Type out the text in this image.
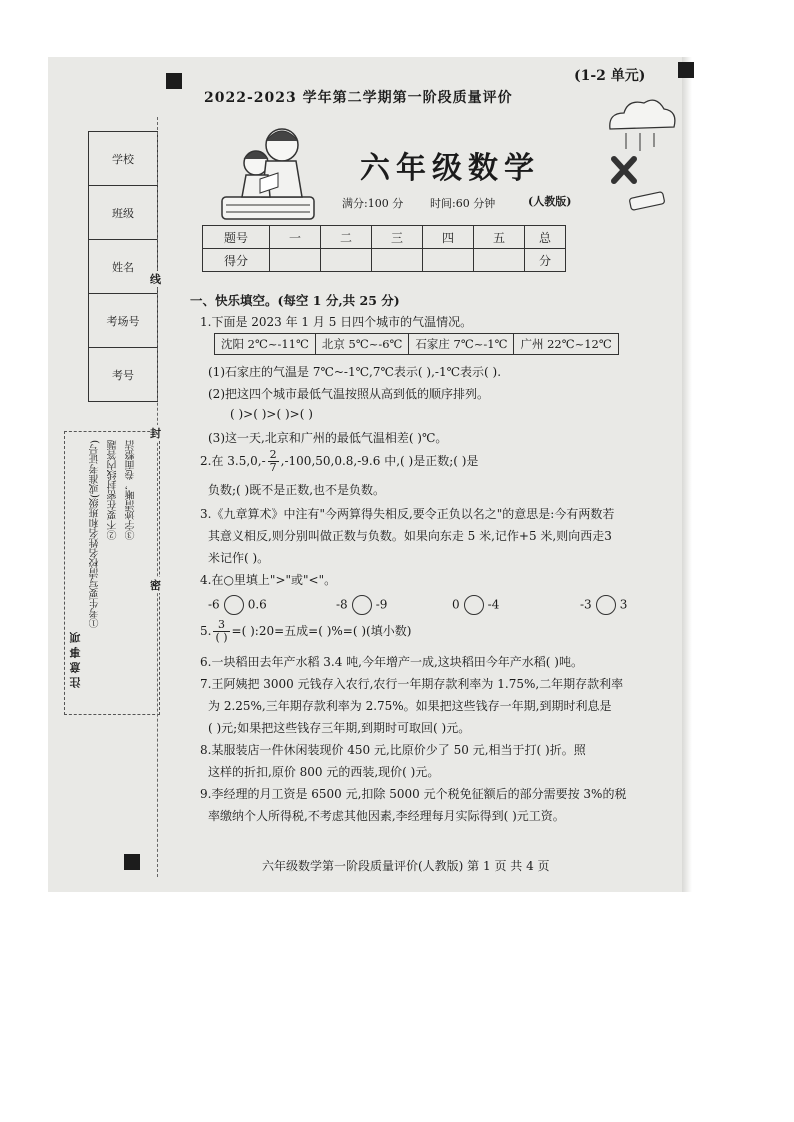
2022-2023 学年第二学期第一阶段质量评价
(1-2 单元)
六年级数学
满分:100 分 时间:60 分钟	(人教版)
学校
班级
姓名
考场号
考号
注意事项
①考生要写清校名姓名和班级(或准考证号) ②不要在密封线内答题 ③字迹清晰，卷面整洁
线
封
密
题号	一	二	三	四	五	总
得分						分
一、快乐填空。(每空 1 分,共 25 分)
1.下面是 2023 年 1 月 5 日四个城市的气温情况。
沈阳 2℃~-11℃	北京 5℃~-6℃	石家庄 7℃~-1℃	广州 22℃~12℃
(1)石家庄的气温是 7℃~-1℃,7℃表示( ),-1℃表示( ).
(2)把这四个城市最低气温按照从高到低的顺序排列。
( )>( )>( )>( )
(3)这一天,北京和广州的最低气温相差( )℃。
2.在 $3.5,0,- \frac{2}{7} ,-100,50,0.8,-9.6$ 中,( )是正数;( )是
负数;( )既不是正数,也不是负数。
3.《九章算术》中注有"今两算得失相反,要令正负以名之"的意思是:今有两数若
其意义相反,则分别叫做正数与负数。如果向东走 5 米,记作+5 米,则向西走3
米记作( )。
4.在○里填上">"或"<"。
-6 0.6	-8 -9	0 -4	-3 3
5. $\frac{3}{( )}$ =( ):20=五成=( )%=( )(填小数)
6.一块稻田去年产水稻 3.4 吨,今年增产一成,这块稻田今年产水稻( )吨。
7.王阿姨把 3000 元钱存入农行,农行一年期存款利率为 1.75%,二年期存款利率
为 2.25%,三年期存款利率为 2.75%。如果把这些钱存一年期,到期时利息是
( )元;如果把这些钱存三年期,到期时可取回( )元。
8.某服装店一件休闲装现价 450 元,比原价少了 50 元,相当于打( )折。照
这样的折扣,原价 800 元的西装,现价( )元。
9.李经理的月工资是 6500 元,扣除 5000 元个税免征额后的部分需要按 3%的税
率缴纳个人所得税,不考虑其他因素,李经理每月实际得到( )元工资。
六年级数学第一阶段质量评价(人教版) 第 1 页 共 4 页
